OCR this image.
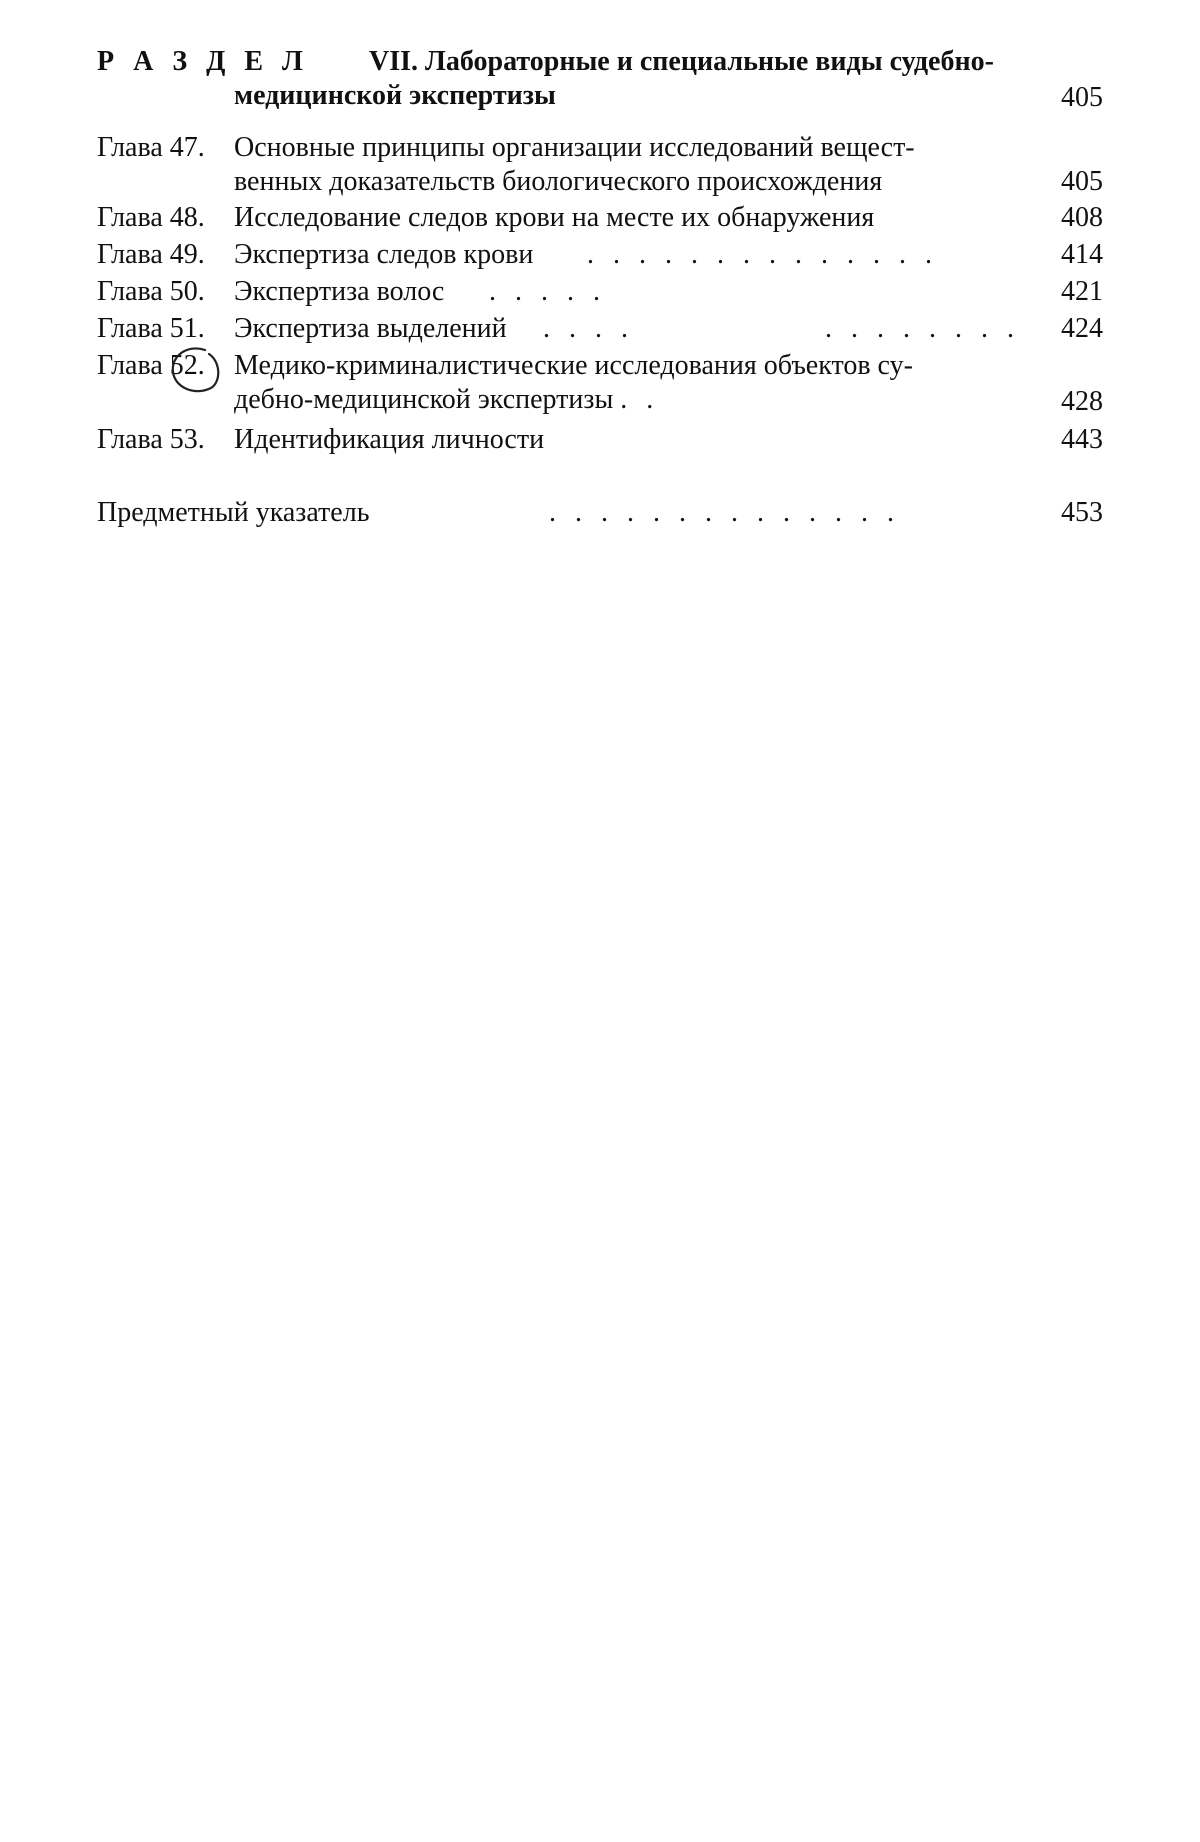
Р А З Д Е Л VII. Лабораторные и специальные виды судебно-
медицинской экспертизы	405
Глава 47. Основные принципы организации исследований вещест-
венных доказательств биологического происхождения	405
Глава 48. Исследование следов крови на месте их обнаружения	408
Глава 49. Экспертиза следов крови . . . . . . . . . . . . . .	414
Глава 50. Экспертиза волос . . . . .	421
Глава 51. Экспертиза выделений . . . .	. . . . . . . . 424
Глава 52. Медико-криминалистические исследования объектов су-
дебно-медицинской экспертизы . .	428
Глава 53. Идентификация личности	443
Предметный указатель	. . . . . . . . . . . . . .	453
